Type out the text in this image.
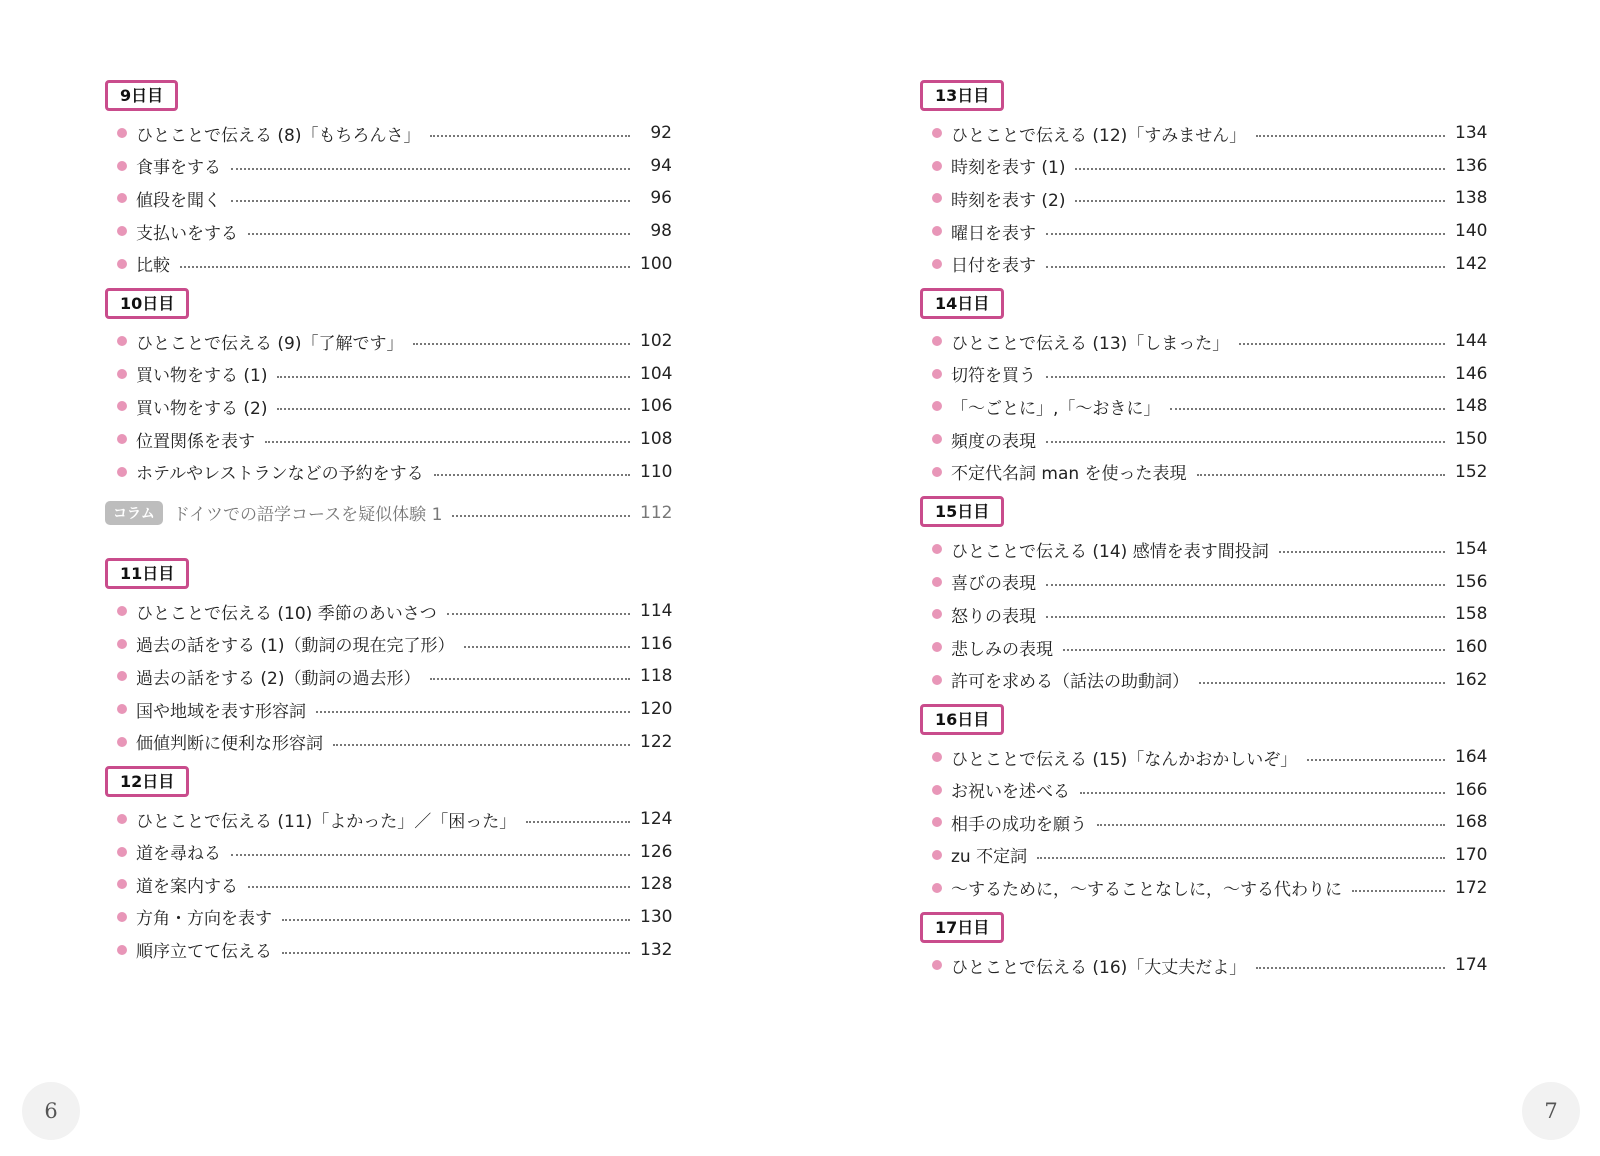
9日目
ひとことで伝える (8)「もちろんさ」	92
食事をする	94
値段を聞く	96
支払いをする	98
比較	100
10日目
ひとことで伝える (9)「了解です」	102
買い物をする (1)	104
買い物をする (2)	106
位置関係を表す	108
ホテルやレストランなどの予約をする	110
コラム	ドイツでの語学コースを疑似体験 1	112
11日目
ひとことで伝える (10) 季節のあいさつ	114
過去の話をする (1)（動詞の現在完了形）	116
過去の話をする (2)（動詞の過去形）	118
国や地域を表す形容詞	120
価値判断に便利な形容詞	122
12日目
ひとことで伝える (11)「よかった」／「困った」	124
道を尋ねる	126
道を案内する	128
方角・方向を表す	130
順序立てて伝える	132
13日目
ひとことで伝える (12)「すみません」	134
時刻を表す (1)	136
時刻を表す (2)	138
曜日を表す	140
日付を表す	142
14日目
ひとことで伝える (13)「しまった」	144
切符を買う	146
「～ごとに」,「～おきに」	148
頻度の表現	150
不定代名詞 man を使った表現	152
15日目
ひとことで伝える (14) 感情を表す間投詞	154
喜びの表現	156
怒りの表現	158
悲しみの表現	160
許可を求める（話法の助動詞）	162
16日目
ひとことで伝える (15)「なんかおかしいぞ」	164
お祝いを述べる	166
相手の成功を願う	168
zu 不定詞	170
～するために，～することなしに，～する代わりに	172
17日目
ひとことで伝える (16)「大丈夫だよ」	174
6	7
